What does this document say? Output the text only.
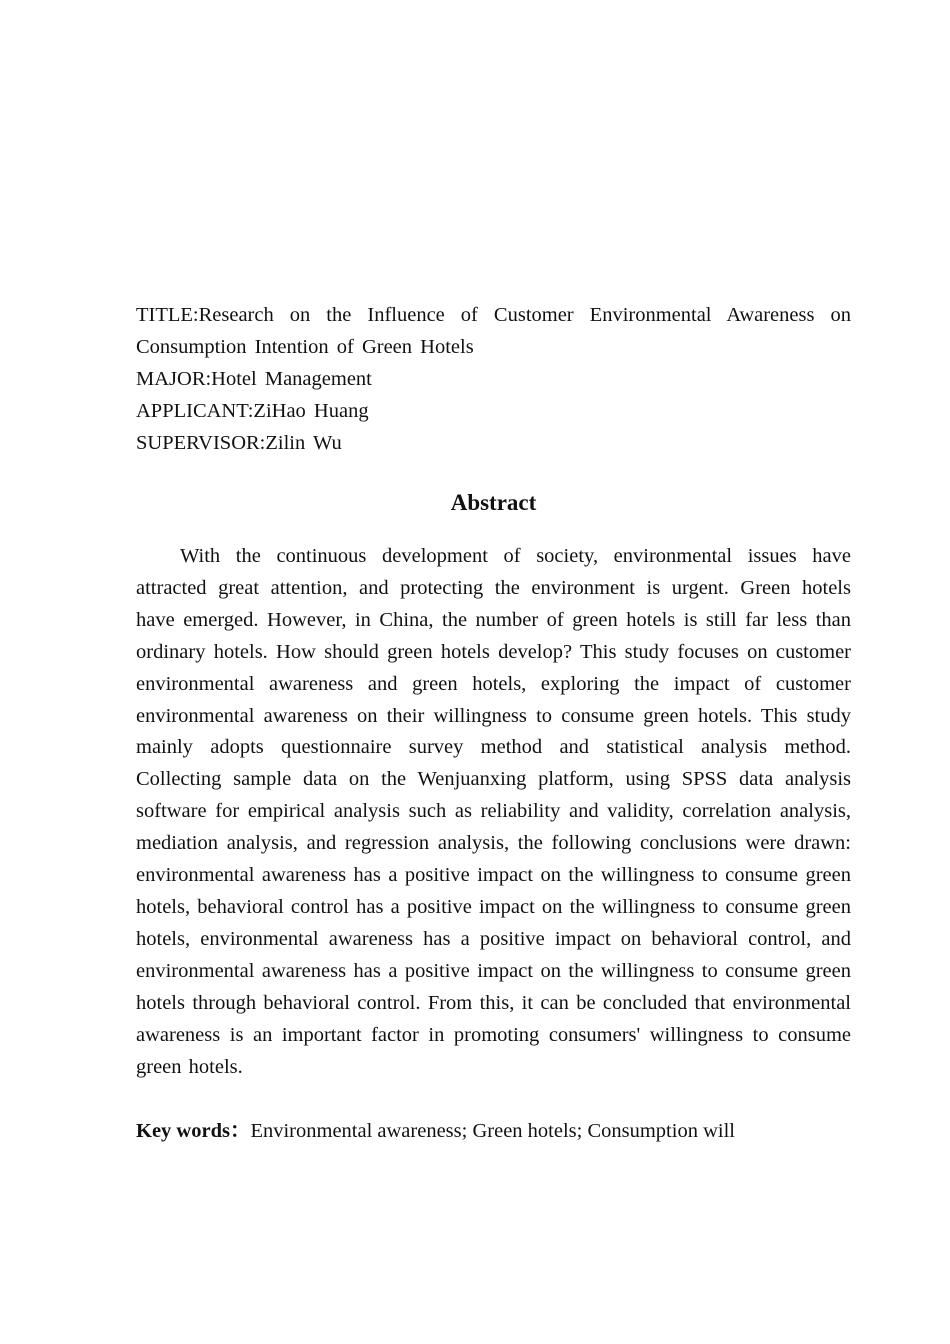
TITLE:Research on the Influence of Customer Environmental Awareness on Consumption Intention of Green Hotels

MAJOR:Hotel Management

APPLICANT:ZiHao Huang

SUPERVISOR:Zilin Wu

Abstract

With the continuous development of society, environmental issues have attracted great attention, and protecting the environment is urgent. Green hotels have emerged. However, in China, the number of green hotels is still far less than ordinary hotels. How should green hotels develop? This study focuses on customer environmental awareness and green hotels, exploring the impact of customer environmental awareness on their willingness to consume green hotels. This study mainly adopts questionnaire survey method and statistical analysis method. Collecting sample data on the Wenjuanxing platform, using SPSS data analysis software for empirical analysis such as reliability and validity, correlation analysis, mediation analysis, and regression analysis, the following conclusions were drawn: environmental awareness has a positive impact on the willingness to consume green hotels, behavioral control has a positive impact on the willingness to consume green hotels, environmental awareness has a positive impact on behavioral control, and environmental awareness has a positive impact on the willingness to consume green hotels through behavioral control. From this, it can be concluded that environmental awareness is an important factor in promoting consumers' willingness to consume green hotels.

Key words：Environmental awareness; Green hotels; Consumption will
